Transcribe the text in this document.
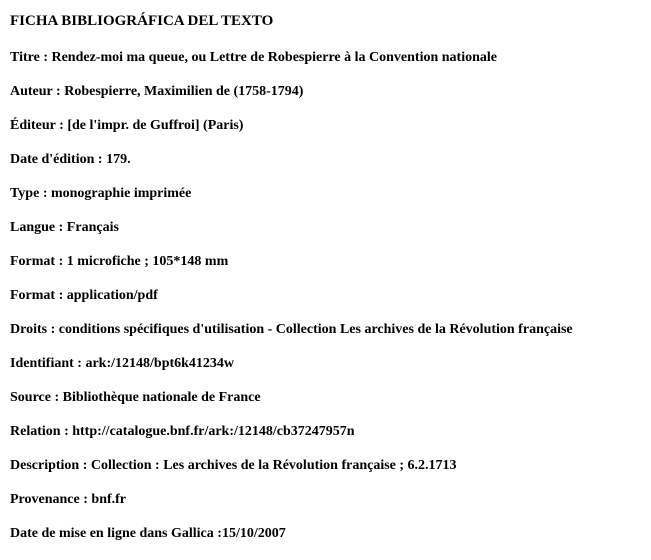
FICHA BIBLIOGRÁFICA DEL TEXTO
Titre : Rendez-moi ma queue, ou Lettre de Robespierre à la Convention nationale
Auteur : Robespierre, Maximilien de (1758-1794)
Éditeur : [de l'impr. de Guffroi] (Paris)
Date d'édition : 179.
Type : monographie imprimée
Langue : Français
Format : 1 microfiche ; 105*148 mm
Format : application/pdf
Droits : conditions spécifiques d'utilisation - Collection Les archives de la Révolution française
Identifiant : ark:/12148/bpt6k41234w
Source : Bibliothèque nationale de France
Relation : http://catalogue.bnf.fr/ark:/12148/cb37247957n
Description : Collection : Les archives de la Révolution française ; 6.2.1713
Provenance : bnf.fr
Date de mise en ligne dans Gallica :15/10/2007
